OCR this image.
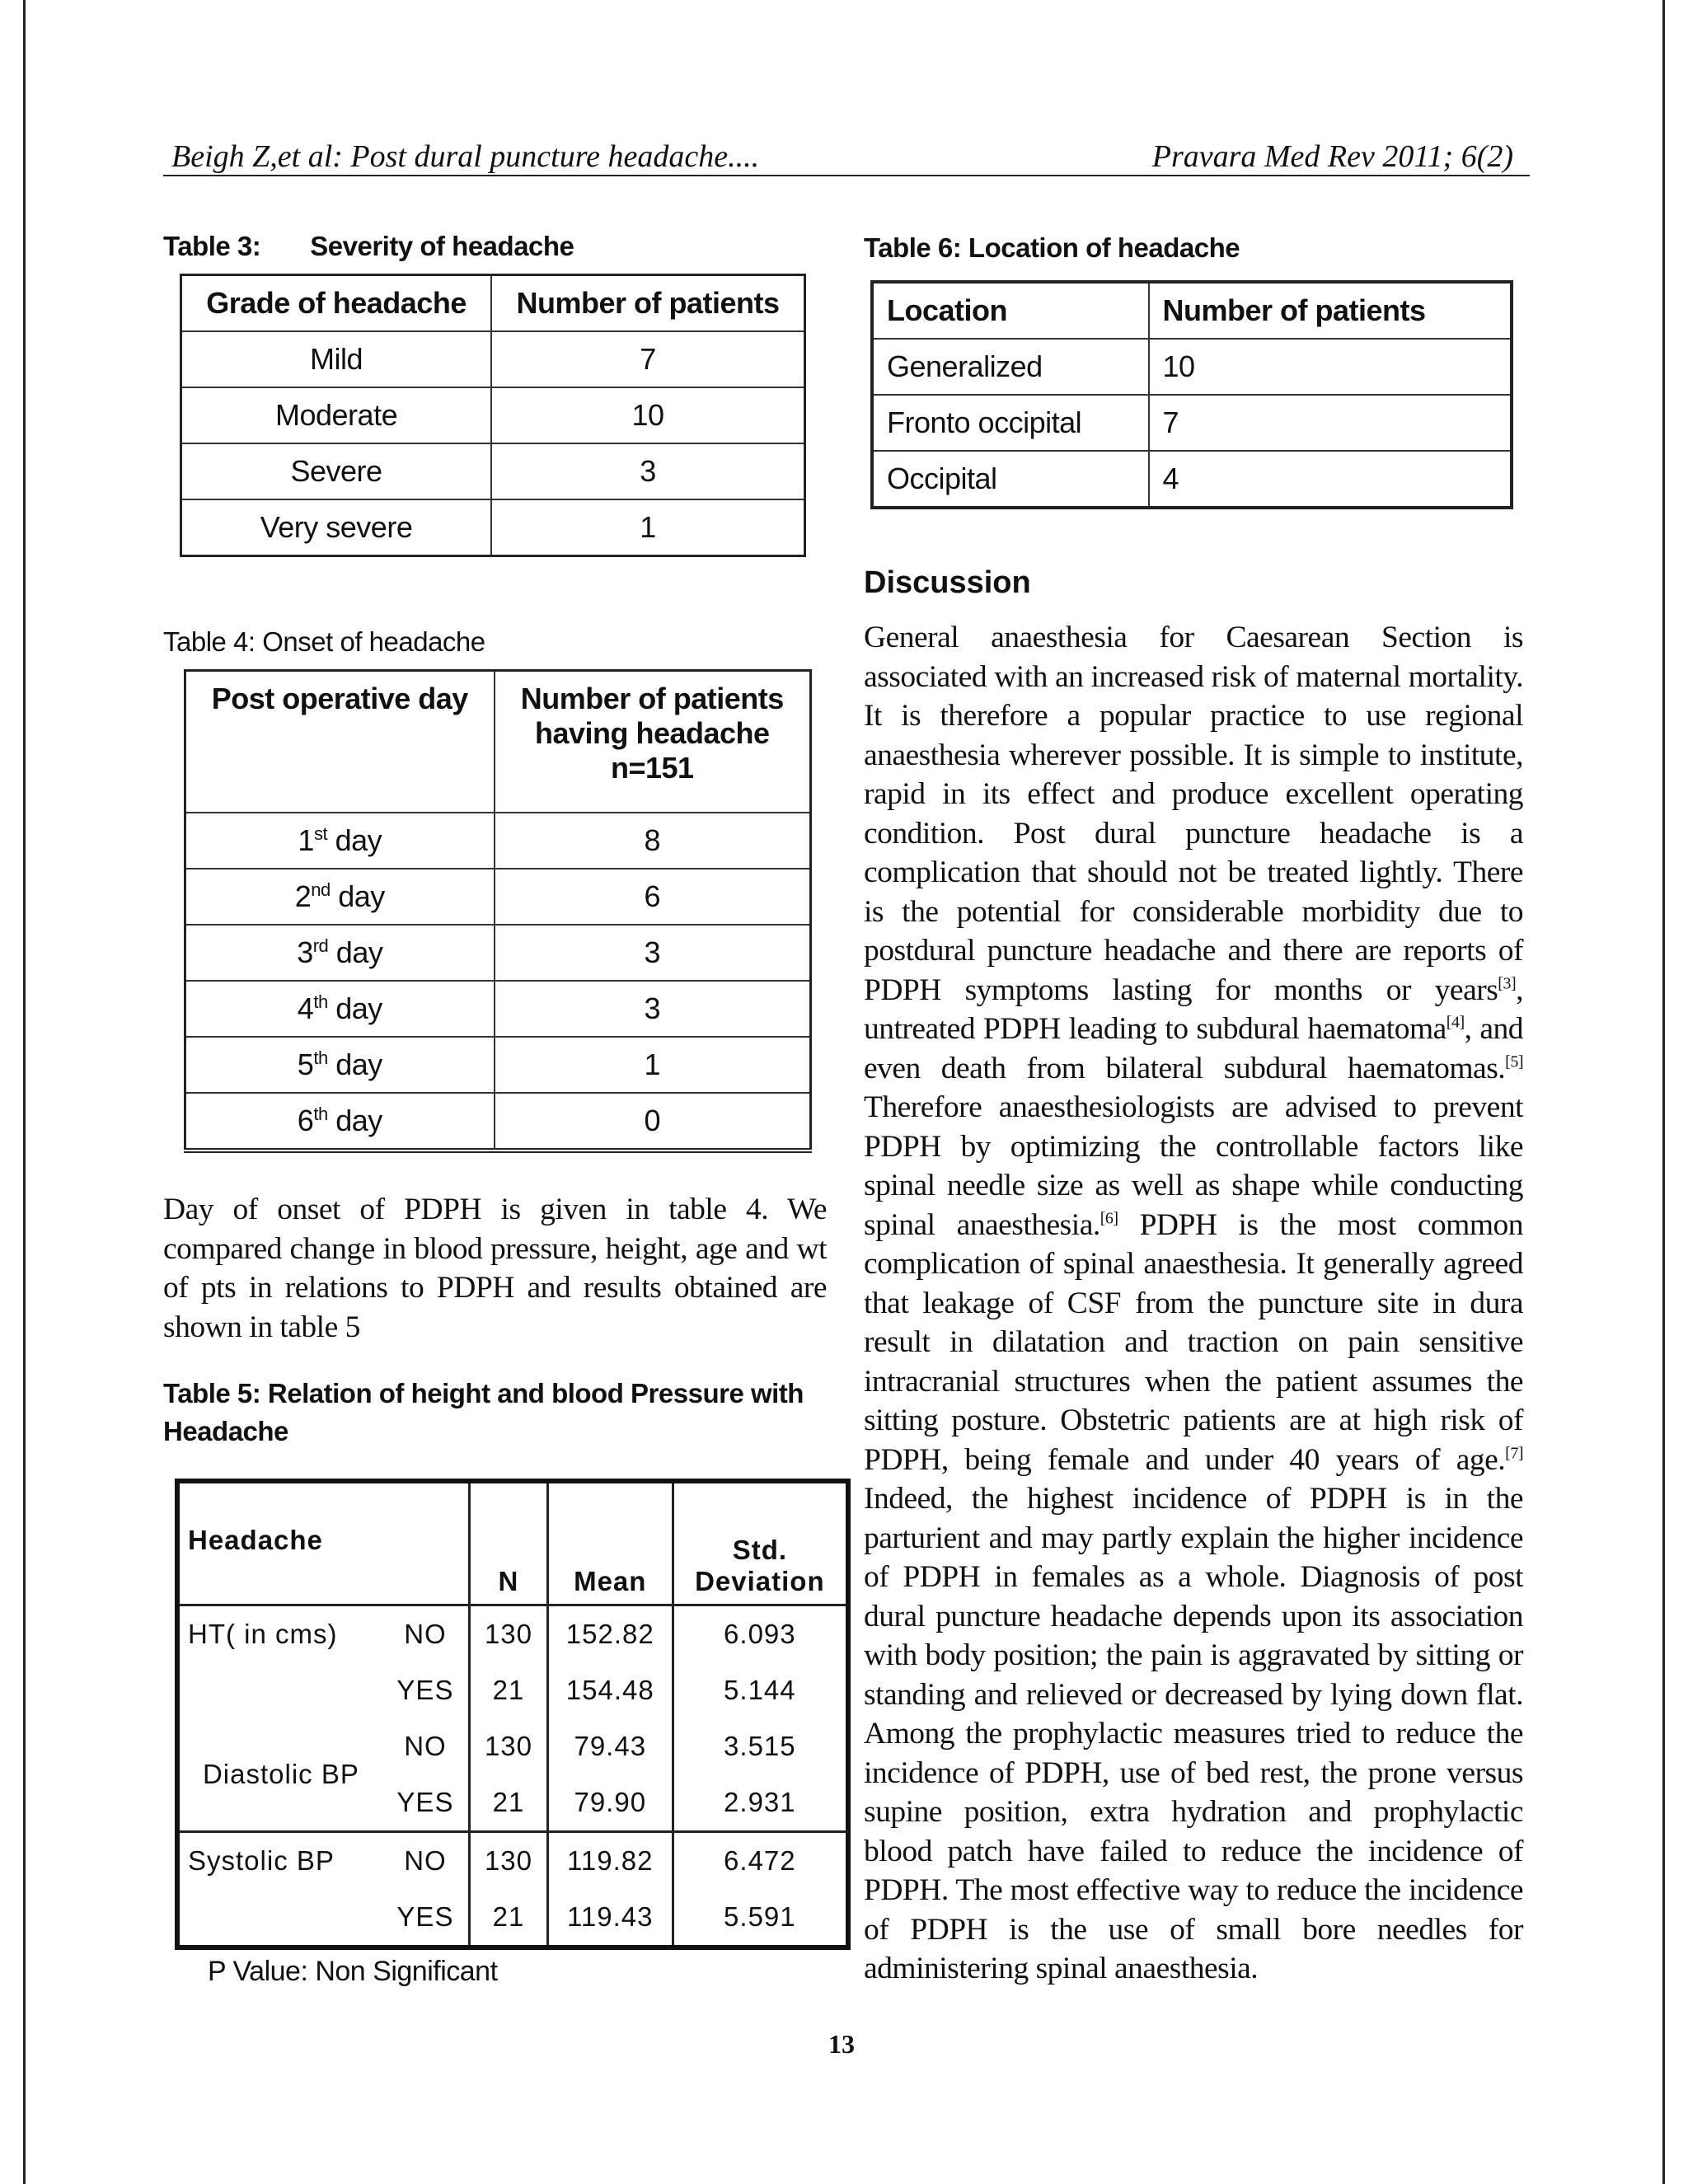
Beigh Z,et al: Post dural puncture headache....	Pravara Med Rev 2011; 6(2)
Table 3: Severity of headache
Grade of headache	Number of patients
Mild	7
Moderate	10
Severe	3
Very severe	1
Table 4: Onset of headache
Post operative day	Number of patients
having headache
n=151

1st day	8
2nd day	6
3rd day	3
4th day	3
5th day	1
6th day	0
Day of onset of PDPH is given in table 4. We compared change in blood pressure, height, age and wt of pts in relations to PDPH and results obtained are shown in table 5
Table 5: Relation of height and blood Pressure with Headache
Headache		N	Mean	Std.
Deviation

HT( in cms)	NO	130	152.82	6.093
	YES	21	154.48	5.144
Diastolic BP	NO	130	79.43	3.515
	YES	21	79.90	2.931
Systolic BP	NO	130	119.82	6.472
	YES	21	119.43	5.591
P Value: Non Significant
Table 6: Location of headache
Location	Number of patients
Generalized	10
Fronto occipital	7
Occipital	4
Discussion
General anaesthesia for Caesarean Section is associated with an increased risk of maternal mortality. It is therefore a popular practice to use regional anaesthesia wherever possible. It is simple to institute, rapid in its effect and produce excellent operating condition. Post dural puncture headache is a complication that should not be treated lightly. There is the potential for considerable morbidity due to postdural puncture headache and there are reports of PDPH symptoms lasting for months or years[3], untreated PDPH leading to subdural haematoma[4], and even death from bilateral subdural haematomas.[5] Therefore anaesthesiologists are advised to prevent PDPH by optimizing the controllable factors like spinal needle size as well as shape while conducting spinal anaesthesia.[6] PDPH is the most common complication of spinal anaesthesia. It generally agreed that leakage of CSF from the puncture site in dura result in dilatation and traction on pain sensitive intracranial structures when the patient assumes the sitting posture. Obstetric patients are at high risk of PDPH, being female and under 40 years of age.[7] Indeed, the highest incidence of PDPH is in the parturient and may partly explain the higher incidence of PDPH in females as a whole. Diagnosis of post dural puncture headache depends upon its association with body position; the pain is aggravated by sitting or standing and relieved or decreased by lying down flat. Among the prophylactic measures tried to reduce the incidence of PDPH, use of bed rest, the prone versus supine position, extra hydration and prophylactic blood patch have failed to reduce the incidence of PDPH. The most effective way to reduce the incidence of PDPH is the use of small bore needles for administering spinal anaesthesia.
13
